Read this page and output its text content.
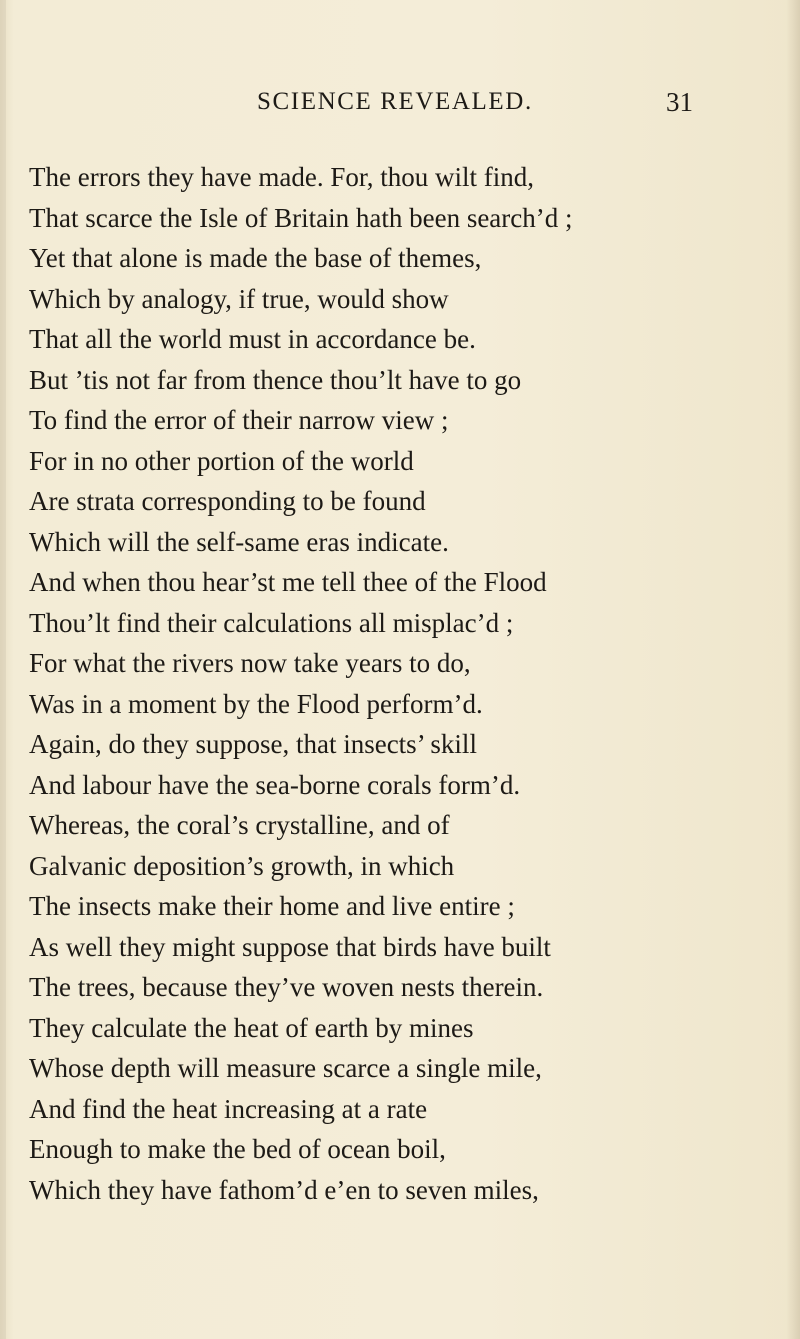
SCIENCE REVEALED.	31
The errors they have made. For, thou wilt find,
That scarce the Isle of Britain hath been search’d ;
Yet that alone is made the base of themes,
Which by analogy, if true, would show
That all the world must in accordance be.
But ’tis not far from thence thou’lt have to go
To find the error of their narrow view ;
For in no other portion of the world
Are strata corresponding to be found
Which will the self-same eras indicate.
And when thou hear’st me tell thee of the Flood
Thou’lt find their calculations all misplac’d ;
For what the rivers now take years to do,
Was in a moment by the Flood perform’d.
Again, do they suppose, that insects’ skill
And labour have the sea-borne corals form’d.
Whereas, the coral’s crystalline, and of
Galvanic deposition’s growth, in which
The insects make their home and live entire ;
As well they might suppose that birds have built
The trees, because they’ve woven nests therein.
They calculate the heat of earth by mines
Whose depth will measure scarce a single mile,
And find the heat increasing at a rate
Enough to make the bed of ocean boil,
Which they have fathom’d e’en to seven miles,
